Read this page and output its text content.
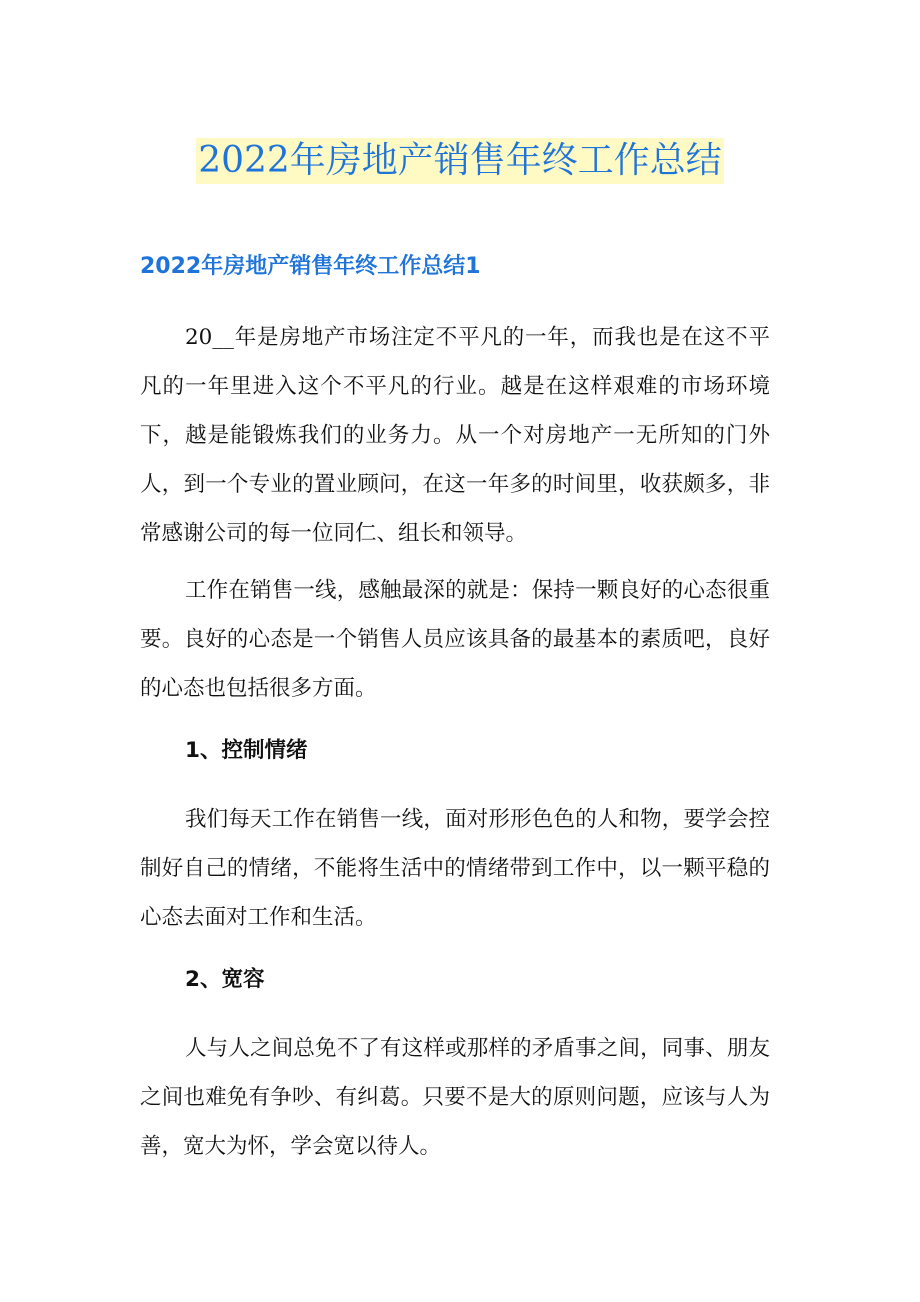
2022年房地产销售年终工作总结
2022年房地产销售年终工作总结1

20__年是房地产市场注定不平凡的一年，而我也是在这不平凡的一年里进入这个不平凡的行业。越是在这样艰难的市场环境下，越是能锻炼我们的业务力。从一个对房地产一无所知的门外人，到一个专业的置业顾问，在这一年多的时间里，收获颇多，非常感谢公司的每一位同仁、组长和领导。

工作在销售一线，感触最深的就是：保持一颗良好的心态很重要。良好的心态是一个销售人员应该具备的最基本的素质吧，良好的心态也包括很多方面。

1、控制情绪

我们每天工作在销售一线，面对形形色色的人和物，要学会控制好自己的情绪，不能将生活中的情绪带到工作中，以一颗平稳的心态去面对工作和生活。

2、宽容

人与人之间总免不了有这样或那样的矛盾事之间，同事、朋友之间也难免有争吵、有纠葛。只要不是大的原则问题，应该与人为善，宽大为怀，学会宽以待人。
